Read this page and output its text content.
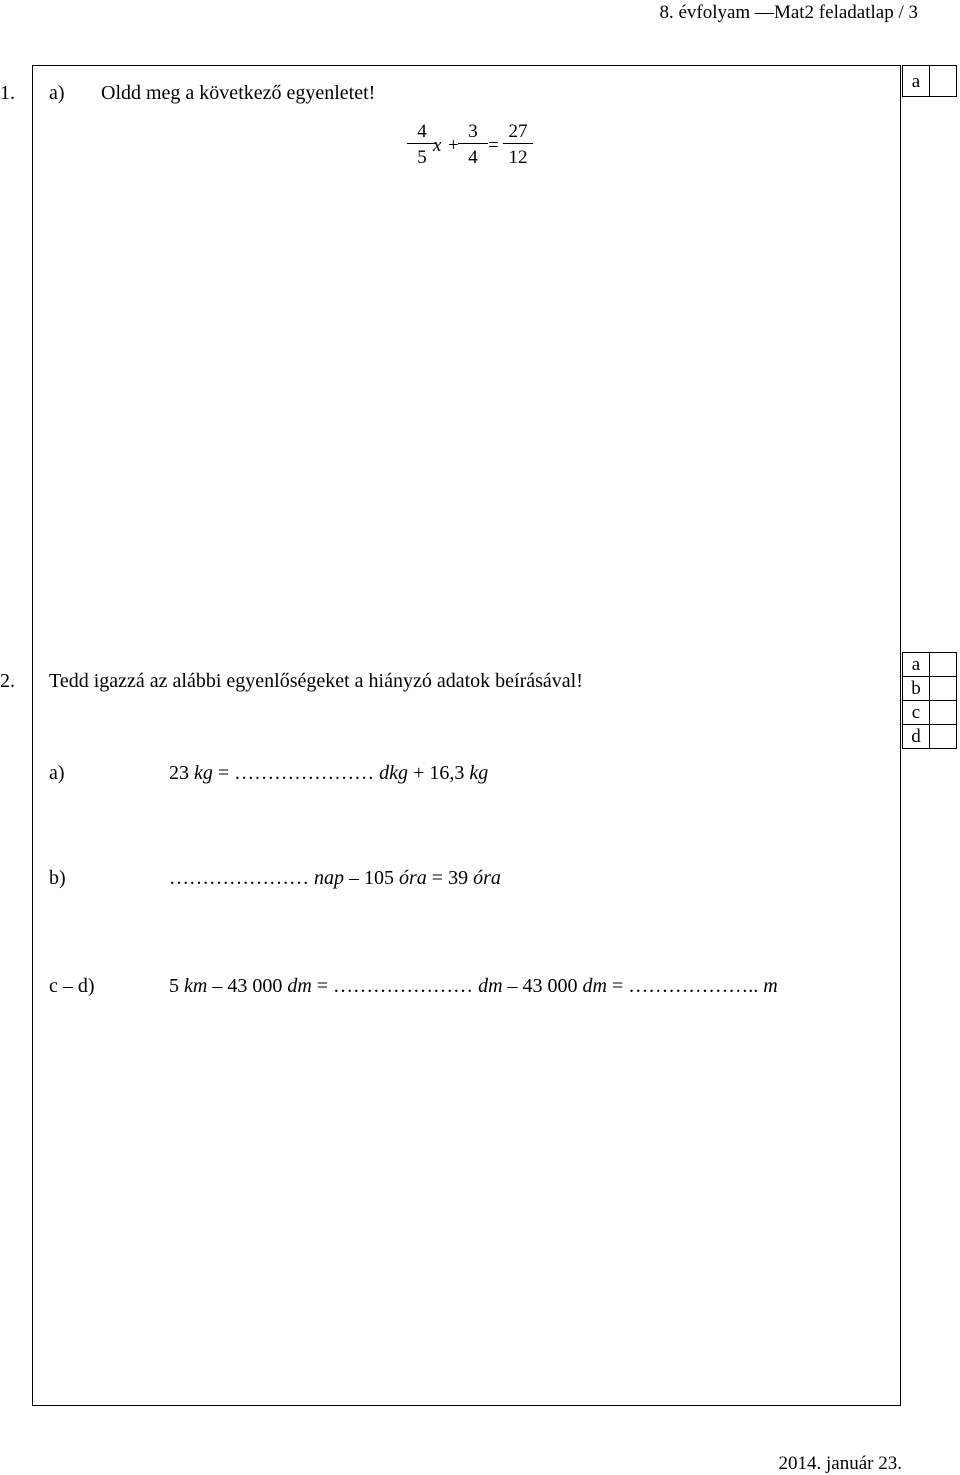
8. évfolyam —Mat2 feladatlap / 3
1. a) Oldd meg a következő egyenletet!
a	
$\frac{4}{5}$
$x + \frac{3}{4} = \frac{27}{12}$
2. Tedd igazzá az alábbi egyenlőségeket a hiányzó adatok beírásával!
a	
b	
c	
d	
a)	23 kg = ………………… dkg + 16,3 kg
b)	………………… nap – 105 óra = 39 óra
c – d)	5 km – 43 000 dm = ………………… dm – 43 000 dm = ……………….. m
2014. január 23.
